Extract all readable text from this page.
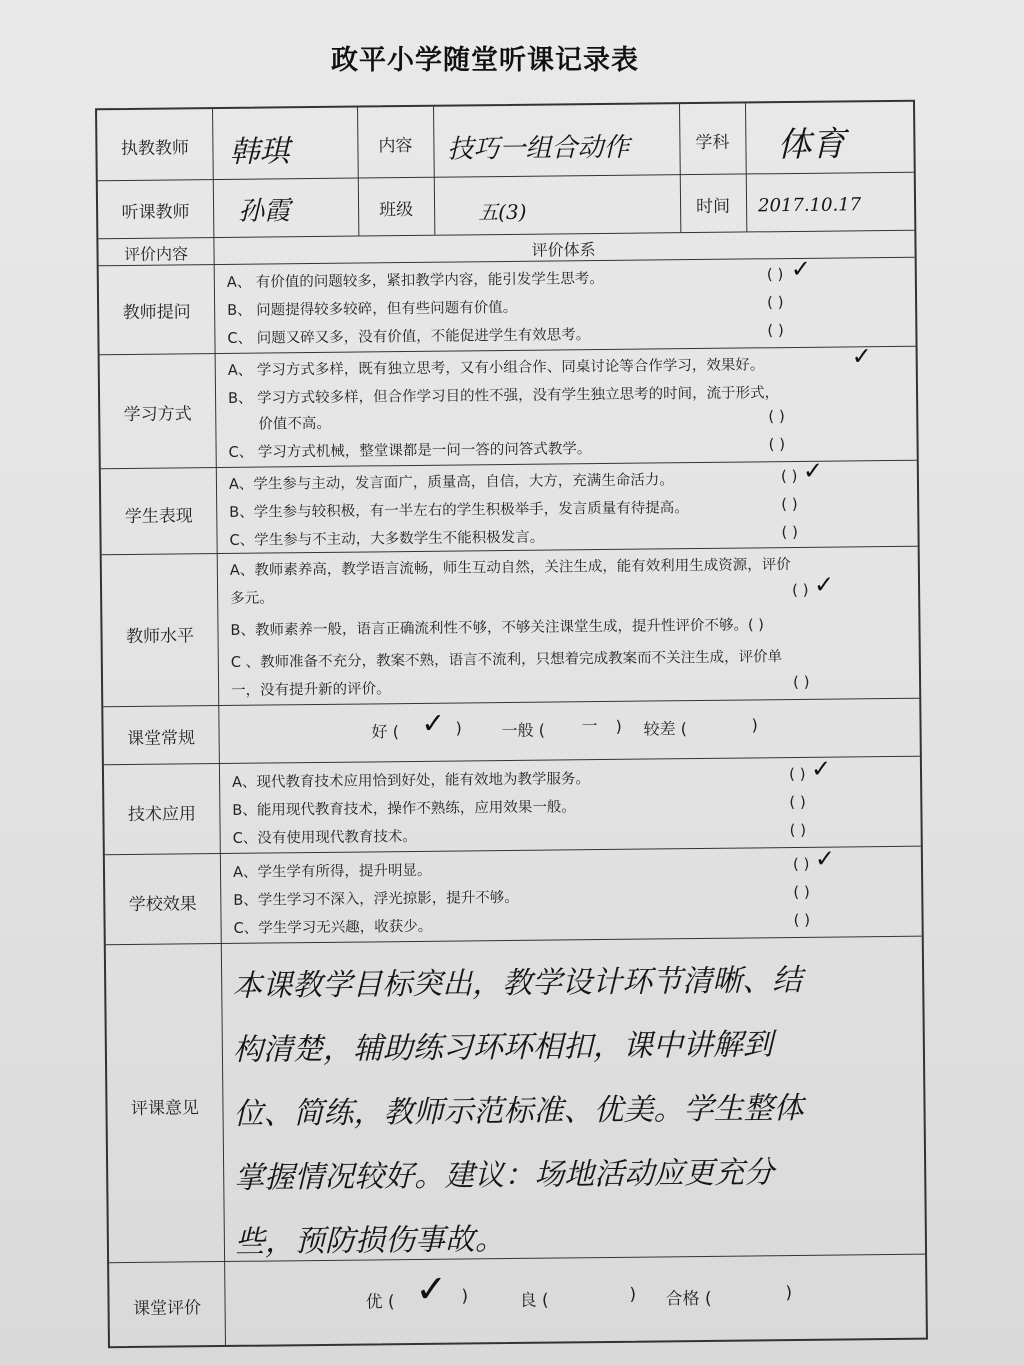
政平小学随堂听课记录表
执教教师	韩琪	内容	技巧一组合动作	学科	体育
听课教师	孙霞	班级	五(3)	时间	2017.10.17
评价内容	评价体系
教师提问
A、 有价值的问题较多，紧扣教学内容，能引发学生思考。	( ) ✓
B、 问题提得较多较碎，但有些问题有价值。	( )
C、 问题又碎又多，没有价值，不能促进学生有效思考。	( )
学习方式
A、 学习方式多样，既有独立思考，又有小组合作、同桌讨论等合作学习，效果好。	✓
B、 学习方式较多样，但合作学习目的性不强，没有学生独立思考的时间，流于形式，
价值不高。	( )
C、 学习方式机械，整堂课都是一问一答的问答式教学。	( )
学生表现
A、学生参与主动，发言面广，质量高，自信，大方，充满生命活力。	( ) ✓
B、学生参与较积极，有一半左右的学生积极举手，发言质量有待提高。	( )
C、学生参与不主动，大多数学生不能积极发言。	( )
教师水平
A、教师素养高，教学语言流畅，师生互动自然，关注生成，能有效利用生成资源，评价
多元。	( ) ✓
B、教师素养一般，语言正确流利性不够，不够关注课堂生成，提升性评价不够。( )
C 、教师准备不充分，教案不熟，语言不流利，只想着完成教案而不关注生成，评价单
一，没有提升新的评价。	( )
课堂常规	好 ( ✓ ) 一般 ( 一 ) 较差 (	)
技术应用
A、现代教育技术应用恰到好处，能有效地为教学服务。	( ) ✓
B、能用现代教育技术，操作不熟练，应用效果一般。	( )
C、没有使用现代教育技术。	( )
学校效果
A、学生学有所得，提升明显。	( ) ✓
B、学生学习不深入，浮光掠影，提升不够。	( )
C、学生学习无兴趣，收获少。	( )
评课意见
本课教学目标突出，教学设计环节清晰、结构清楚，辅助练习环环相扣，课中讲解到位、简练，教师示范标准、优美。学生整体掌握情况较好。建议：场地活动应更充分些，预防损伤事故。
课堂评价	优 ( ✓ )	良 (	) 合格 (	)
